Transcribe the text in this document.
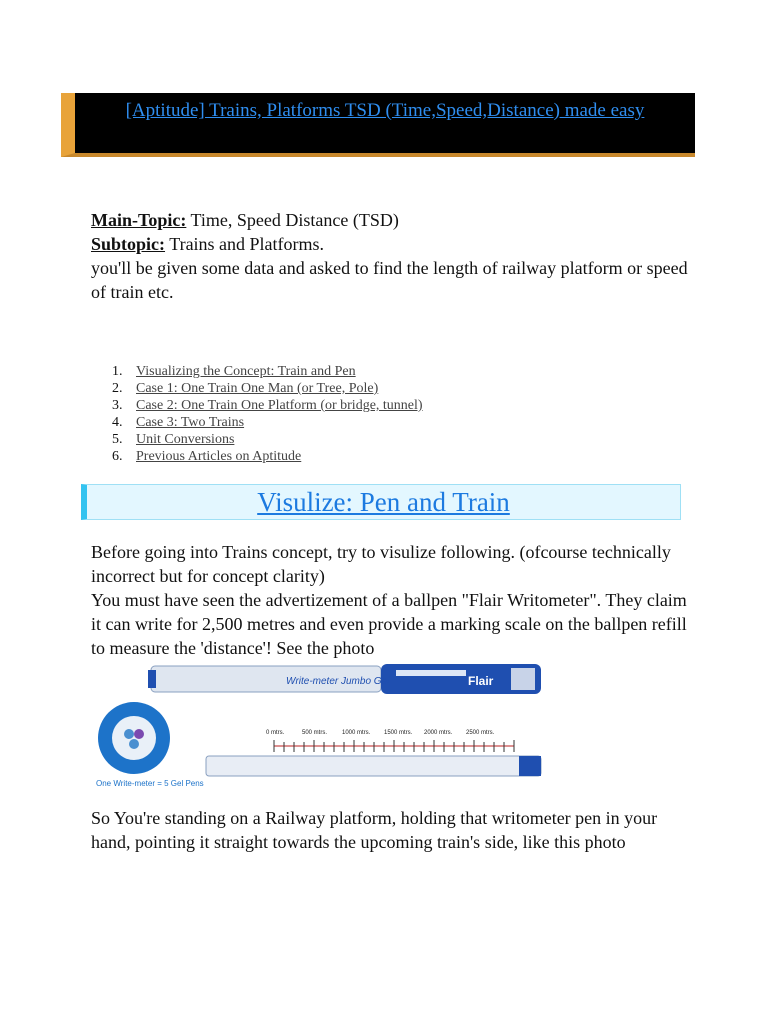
[Aptitude] Trains, Platforms TSD (Time,Speed,Distance) made easy
Main-Topic: Time, Speed Distance (TSD)
Subtopic: Trains and Platforms.
you'll be given some data and asked to find the length of railway platform or speed of train etc.
1. Visualizing the Concept: Train and Pen
2. Case 1: One Train One Man (or Tree, Pole)
3. Case 2: One Train One Platform (or bridge, tunnel)
4. Case 3: Two Trains
5. Unit Conversions
6. Previous Articles on Aptitude
Visulize: Pen and Train
Before going into Trains concept, try to visulize following. (ofcourse technically incorrect but for concept clarity)
You must have seen the advertizement of a ballpen "Flair Writometer". They claim it can write for 2,500 metres and even provide a marking scale on the ballpen refill to measure the 'distance'! See the photo
Write-meter Jumbo Gel	Flair
One Write-meter = 5 Gel Pens
0 mtrs.	500 mtrs. 1000 mtrs. 1500 mtrs. 2000 mtrs. 2500 mtrs.
So You're standing on a Railway platform, holding that writometer pen in your hand, pointing it straight towards the upcoming train's side, like this photo
